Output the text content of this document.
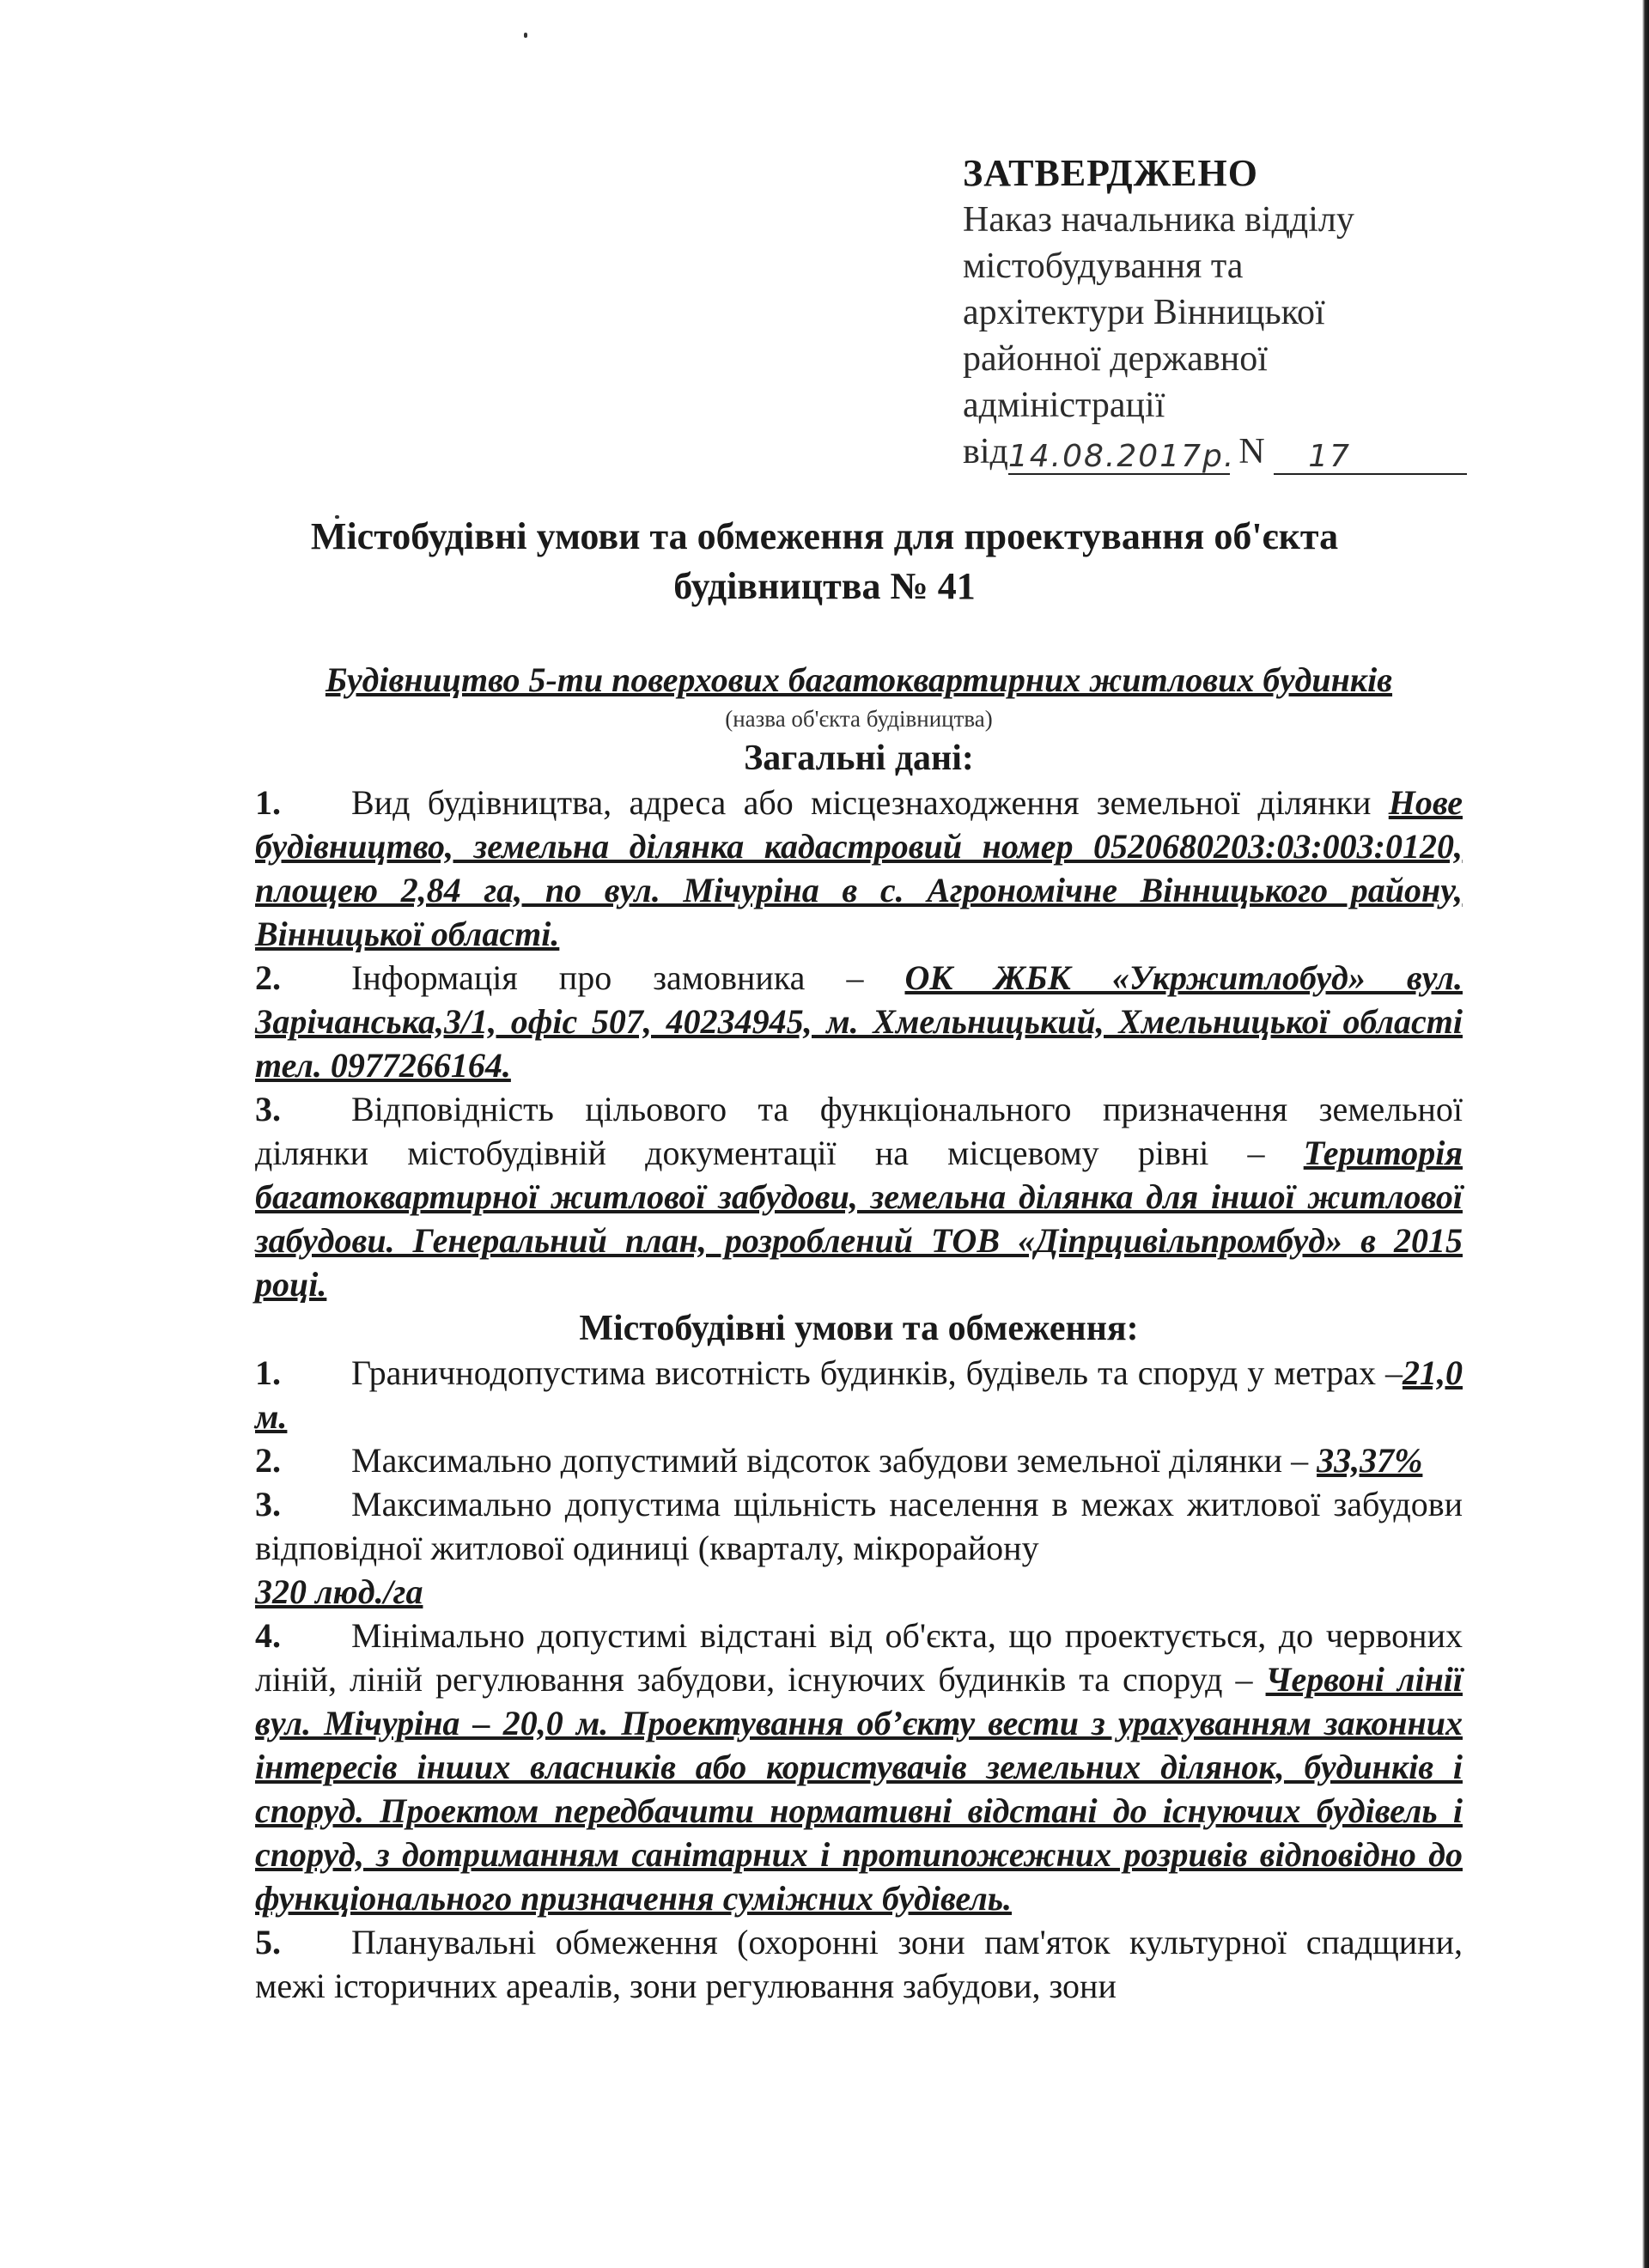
ЗАТВЕРДЖЕНО
Наказ начальника відділу
містобудування та
архітектури Вінницької
районної державної
адміністрації
від14.08.2017р. N 17
Містобудівні умови та обмеження для проектування об'єкта
будівництва № 41
Будівництво 5-ти поверхових багатоквартирних житлових будинків
(назва об'єкта будівництва)
Загальні дані:

1. Вид будівництва, адреса або місцезнаходження земельної ділянки Нове будівництво, земельна ділянка кадастровий номер 0520680203:03:003:0120, площею 2,84 га, по вул. Мічуріна в с. Агрономічне Вінницького району, Вінницької області.

2. Інформація про замовника – ОК ЖБК «Укржитлобуд» вул. Зарічанська,3/1, офіс 507, 40234945, м. Хмельницький, Хмельницької області тел. 0977266164.

3. Відповідність цільового та функціонального призначення земельної ділянки містобудівній документації на місцевому рівні – Територія багатоквартирної житлової забудови, земельна ділянка для іншої житлової забудови. Генеральний план, розроблений ТОВ «Діпрцивільпромбуд» в 2015 році.

Містобудівні умови та обмеження:

1. Граничнодопустима висотність будинків, будівель та споруд у метрах –21,0 м.

2. Максимально допустимий відсоток забудови земельної ділянки – 33,37%

3. Максимально допустима щільність населення в межах житлової забудови відповідної житлової одиниці (кварталу, мікрорайону
320 люд./га

4. Мінімально допустимі відстані від об'єкта, що проектується, до червоних ліній, ліній регулювання забудови, існуючих будинків та споруд – Червоні лінії вул. Мічуріна – 20,0 м. Проектування об’єкту вести з урахуванням законних інтересів інших власників або користувачів земельних ділянок, будинків і споруд. Проектом передбачити нормативні відстані до існуючих будівель і споруд, з дотриманням санітарних і протипожежних розривів відповідно до функціонального призначення суміжних будівель.

5. Планувальні обмеження (охоронні зони пам'яток культурної спадщини, межі історичних ареалів, зони регулювання забудови, зони
